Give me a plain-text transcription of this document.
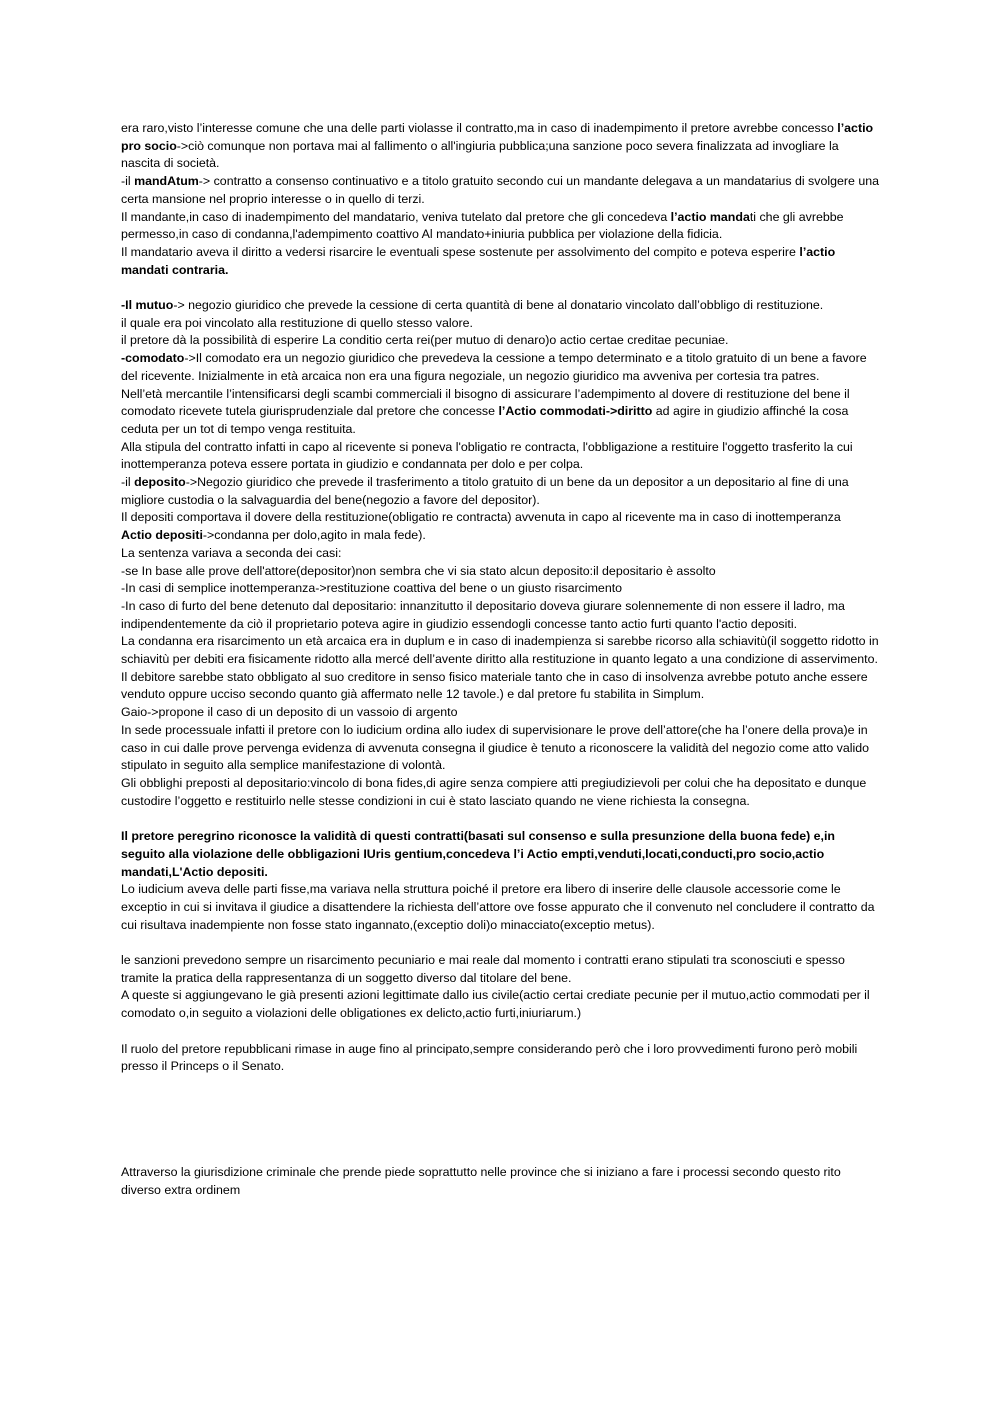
era raro,visto l’interesse comune che una delle parti violasse il contratto,ma in caso di inadempimento il pretore avrebbe concesso l’actio pro socio->ciò comunque non portava mai al fallimento o all'ingiuria pubblica;una sanzione poco severa finalizzata ad invogliare la nascita di società.

-il mandAtum-> contratto a consenso continuativo e a titolo gratuito secondo cui un mandante delegava a un mandatarius di svolgere una certa mansione nel proprio interesse o in quello di terzi.

Il mandante,in caso di inadempimento del mandatario, veniva tutelato dal pretore che gli concedeva l’actio mandati che gli avrebbe permesso,in caso di condanna,l'adempimento coattivo Al mandato+iniuria pubblica per violazione della fidicia.

Il mandatario aveva il diritto a vedersi risarcire le eventuali spese sostenute per assolvimento del compito e poteva esperire l’actio mandati contraria.

-Il mutuo-> negozio giuridico che prevede la cessione di certa quantità di bene al donatario vincolato dall’obbligo di restituzione.

il quale era poi vincolato alla restituzione di quello stesso valore.

il pretore dà la possibilità di esperire La conditio certa rei(per mutuo di denaro)o actio certae creditae pecuniae.

-comodato->Il comodato era un negozio giuridico che prevedeva la cessione a tempo determinato e a titolo gratuito di un bene a favore del ricevente. Inizialmente in età arcaica non era una figura negoziale, un negozio giuridico ma avveniva per cortesia tra patres.

Nell’età mercantile l’intensificarsi degli scambi commerciali il bisogno di assicurare l’adempimento al dovere di restituzione del bene il comodato ricevete tutela giurisprudenziale dal pretore che concesse l’Actio commodati->diritto ad agire in giudizio affinché la cosa ceduta per un tot di tempo venga restituita.

Alla stipula del contratto infatti in capo al ricevente si poneva l'obligatio re contracta, l'obbligazione a restituire l'oggetto trasferito la cui inottemperanza poteva essere portata in giudizio e condannata per dolo e per colpa.

-il deposito->Negozio giuridico che prevede il trasferimento a titolo gratuito di un bene da un depositor a un depositario al fine di una migliore custodia o la salvaguardia del bene(negozio a favore del depositor).

Il depositi comportava il dovere della restituzione(obligatio re contracta) avvenuta in capo al ricevente ma in caso di inottemperanza

Actio depositi->condanna per dolo,agito in mala fede).

La sentenza variava a seconda dei casi:

-se In base alle prove dell'attore(depositor)non sembra che vi sia stato alcun deposito:il depositario è assolto

-In casi di semplice inottemperanza->restituzione coattiva del bene o un giusto risarcimento

-In caso di furto del bene detenuto dal depositario: innanzitutto il depositario doveva giurare solennemente di non essere il ladro, ma indipendentemente da ciò il proprietario poteva agire in giudizio essendogli concesse tanto actio furti quanto l'actio depositi.

La condanna era risarcimento un età arcaica era in duplum e in caso di inadempienza si sarebbe ricorso alla schiavitù(il soggetto ridotto in schiavitù per debiti era fisicamente ridotto alla mercé dell’avente diritto alla restituzione in quanto legato a una condizione di asservimento. Il debitore sarebbe stato obbligato al suo creditore in senso fisico materiale tanto che in caso di insolvenza avrebbe potuto anche essere venduto oppure ucciso secondo quanto già affermato nelle 12 tavole.) e dal pretore fu stabilita in Simplum.

Gaio->propone il caso di un deposito di un vassoio di argento

In sede processuale infatti il pretore con lo iudicium ordina allo iudex di supervisionare le prove dell’attore(che ha l’onere della prova)e in caso in cui dalle prove pervenga evidenza di avvenuta consegna il giudice è tenuto a riconoscere la validità del negozio come atto valido stipulato in seguito alla semplice manifestazione di volontà.

Gli obblighi preposti al depositario:vincolo di bona fides,di agire senza compiere atti pregiudizievoli per colui che ha depositato e dunque custodire l’oggetto e restituirlo nelle stesse condizioni in cui è stato lasciato quando ne viene richiesta la consegna.

Il pretore peregrino riconosce la validità di questi contratti(basati sul consenso e sulla presunzione della buona fede) e,in seguito alla violazione delle obbligazioni IUris gentium,concedeva l’i Actio empti,venduti,locati,conducti,pro socio,actio mandati,L'Actio depositi.

Lo iudicium aveva delle parti fisse,ma variava nella struttura poiché il pretore era libero di inserire delle clausole accessorie come le exceptio in cui si invitava il giudice a disattendere la richiesta dell’attore ove fosse appurato che il convenuto nel concludere il contratto da cui risultava inadempiente non fosse stato ingannato,(exceptio doli)o minacciato(exceptio metus).

le sanzioni prevedono sempre un risarcimento pecuniario e mai reale dal momento i contratti erano stipulati tra sconosciuti e spesso tramite la pratica della rappresentanza di un soggetto diverso dal titolare del bene.

A queste si aggiungevano le già presenti azioni legittimate dallo ius civile(actio certai crediate pecunie per il mutuo,actio commodati per il comodato o,in seguito a violazioni delle obligationes ex delicto,actio furti,iniuriarum.)

Il ruolo del pretore repubblicani rimase in auge fino al principato,sempre considerando però che i loro provvedimenti furono però mobili presso il Princeps o il Senato.

Attraverso la giurisdizione criminale che prende piede soprattutto nelle province che si iniziano a fare i processi secondo questo rito diverso extra ordinem
